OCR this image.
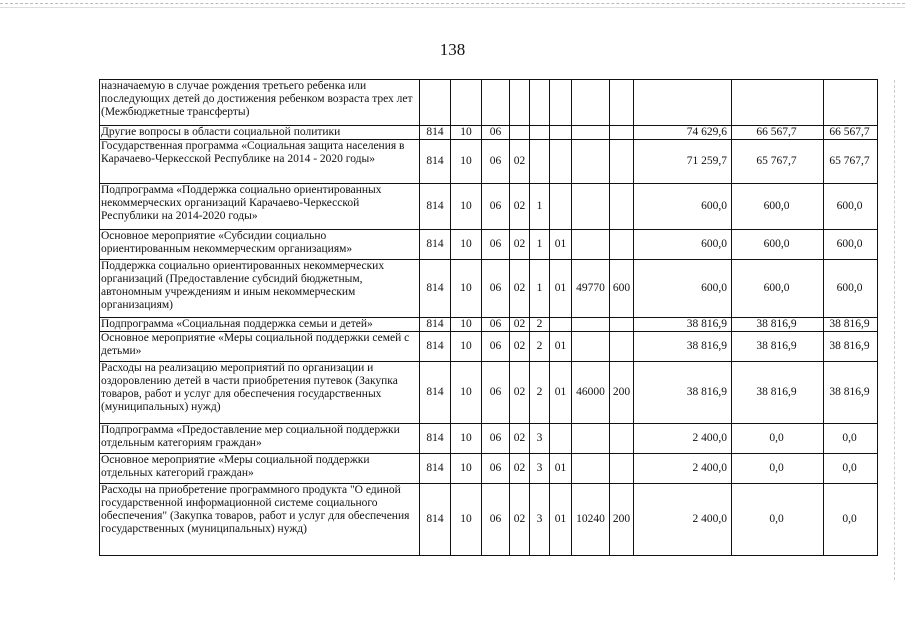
138
назначаемую в случае рождения третьего ребенка или последующих детей до достижения ребенком возраста трех лет (Межбюджетные трансферты)											
Другие вопросы в области социальной политики	814	10	06						74 629,6	66 567,7	66 567,7
Государственная программа «Социальная защита населения в Карачаево-Черкесской Республике на 2014 - 2020 годы»	814	10	06	02					71 259,7	65 767,7	65 767,7
Подпрограмма «Поддержка социально ориентированных некоммерческих организаций Карачаево-Черкесской Республики на 2014-2020 годы»	814	10	06	02	1				600,0	600,0	600,0
Основное мероприятие «Субсидии социально ориентированным некоммерческим организациям»	814	10	06	02	1	01			600,0	600,0	600,0
Поддержка социально ориентированных некоммерческих организаций (Предоставление субсидий бюджетным, автономным учреждениям и иным некоммерческим организациям)	814	10	06	02	1	01	49770	600	600,0	600,0	600,0
Подпрограмма «Социальная поддержка семьи и детей»	814	10	06	02	2				38 816,9	38 816,9	38 816,9
Основное мероприятие «Меры социальной поддержки семей с детьми»	814	10	06	02	2	01			38 816,9	38 816,9	38 816,9
Расходы на реализацию мероприятий по организации и оздоровлению детей в части приобретения путевок (Закупка товаров, работ и услуг для обеспечения государственных (муниципальных) нужд)	814	10	06	02	2	01	46000	200	38 816,9	38 816,9	38 816,9
Подпрограмма «Предоставление мер социальной поддержки отдельным категориям граждан»	814	10	06	02	3				2 400,0	0,0	0,0
Основное мероприятие «Меры социальной поддержки отдельных категорий граждан»	814	10	06	02	3	01			2 400,0	0,0	0,0
Расходы на приобретение программного продукта "О единой государственной информационной системе социального обеспечения" (Закупка товаров, работ и услуг для обеспечения государственных (муниципальных) нужд)	814	10	06	02	3	01	10240	200	2 400,0	0,0	0,0
